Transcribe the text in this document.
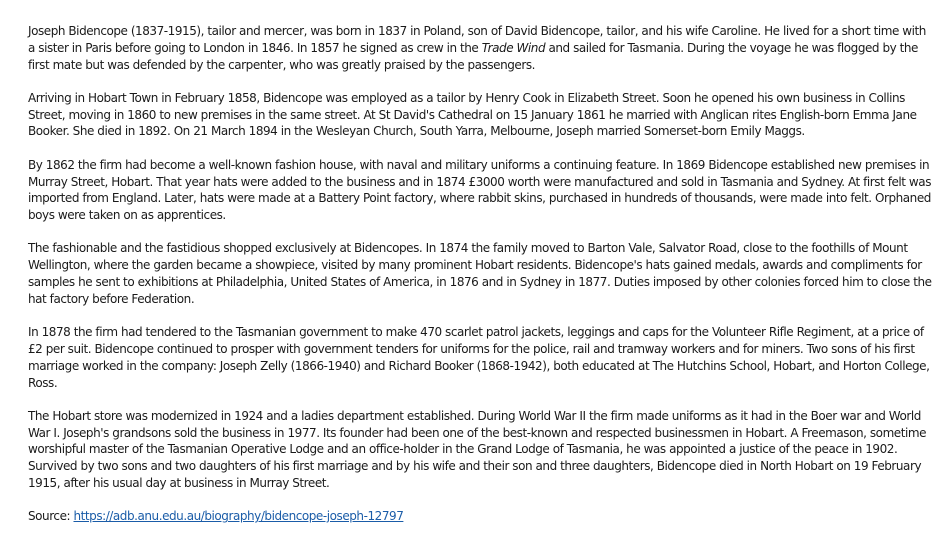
Joseph Bidencope (1837-1915), tailor and mercer, was born in 1837 in Poland, son of David Bidencope, tailor, and his wife Caroline. He lived for a short time with a sister in Paris before going to London in 1846. In 1857 he signed as crew in the Trade Wind and sailed for Tasmania. During the voyage he was flogged by the first mate but was defended by the carpenter, who was greatly praised by the passengers.

Arriving in Hobart Town in February 1858, Bidencope was employed as a tailor by Henry Cook in Elizabeth Street. Soon he opened his own business in Collins Street, moving in 1860 to new premises in the same street. At St David's Cathedral on 15 January 1861 he married with Anglican rites English-born Emma Jane Booker. She died in 1892. On 21 March 1894 in the Wesleyan Church, South Yarra, Melbourne, Joseph married Somerset-born Emily Maggs.

By 1862 the firm had become a well-known fashion house, with naval and military uniforms a continuing feature. In 1869 Bidencope established new premises in Murray Street, Hobart. That year hats were added to the business and in 1874 £3000 worth were manufactured and sold in Tasmania and Sydney. At first felt was imported from England. Later, hats were made at a Battery Point factory, where rabbit skins, purchased in hundreds of thousands, were made into felt. Orphaned boys were taken on as apprentices.

The fashionable and the fastidious shopped exclusively at Bidencopes. In 1874 the family moved to Barton Vale, Salvator Road, close to the foothills of Mount Wellington, where the garden became a showpiece, visited by many prominent Hobart residents. Bidencope's hats gained medals, awards and compliments for samples he sent to exhibitions at Philadelphia, United States of America, in 1876 and in Sydney in 1877. Duties imposed by other colonies forced him to close the hat factory before Federation.

In 1878 the firm had tendered to the Tasmanian government to make 470 scarlet patrol jackets, leggings and caps for the Volunteer Rifle Regiment, at a price of £2 per suit. Bidencope continued to prosper with government tenders for uniforms for the police, rail and tramway workers and for miners. Two sons of his first marriage worked in the company: Joseph Zelly (1866-1940) and Richard Booker (1868-1942), both educated at The Hutchins School, Hobart, and Horton College, Ross.

The Hobart store was modernized in 1924 and a ladies department established. During World War II the firm made uniforms as it had in the Boer war and World War I. Joseph's grandsons sold the business in 1977. Its founder had been one of the best-known and respected businessmen in Hobart. A Freemason, sometime worshipful master of the Tasmanian Operative Lodge and an office-holder in the Grand Lodge of Tasmania, he was appointed a justice of the peace in 1902. Survived by two sons and two daughters of his first marriage and by his wife and their son and three daughters, Bidencope died in North Hobart on 19 February 1915, after his usual day at business in Murray Street.

Source: https://adb.anu.edu.au/biography/bidencope-joseph-12797
